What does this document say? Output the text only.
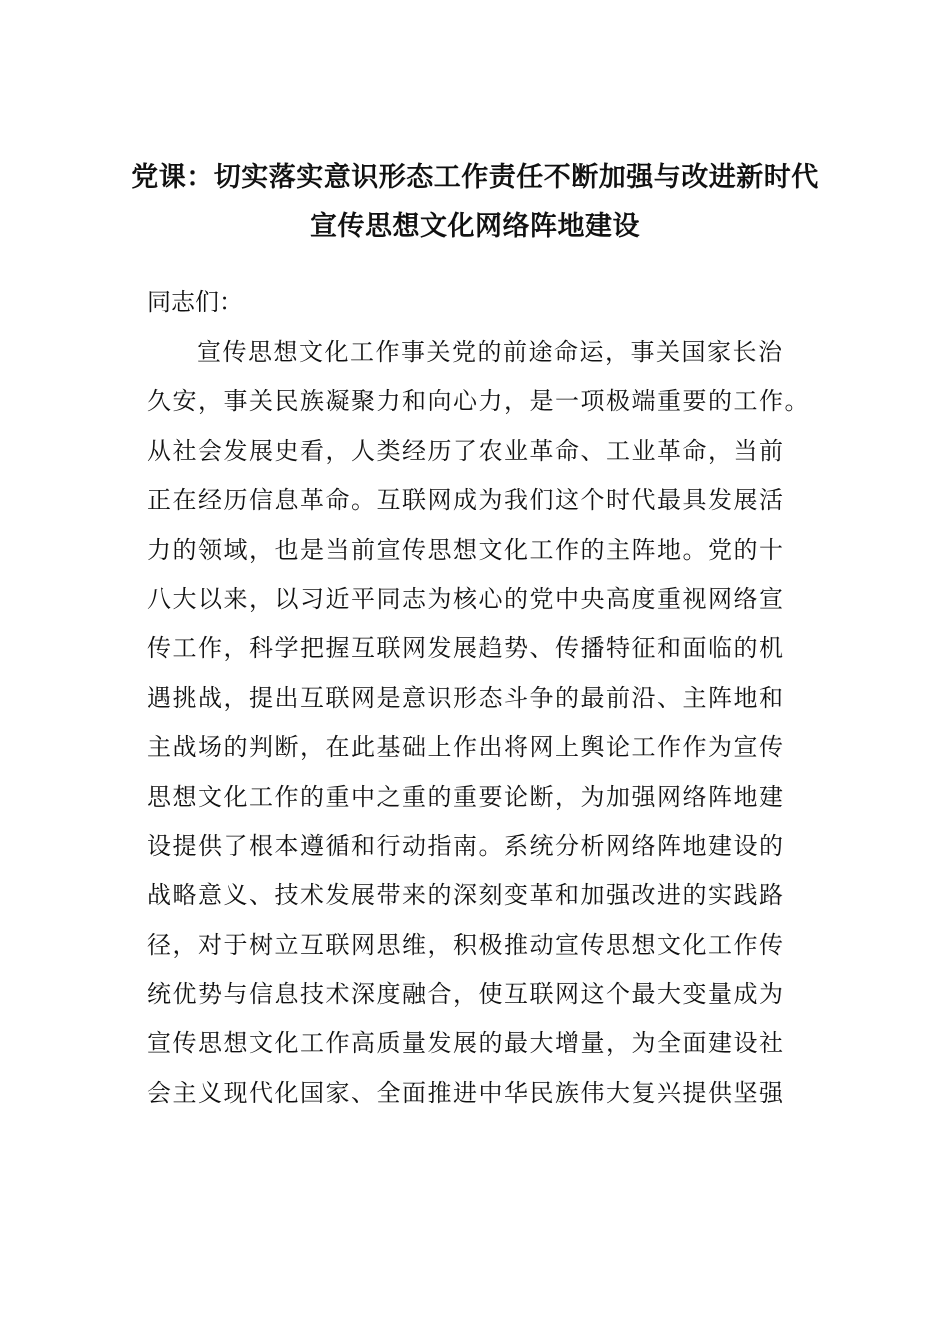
党课：切实落实意识形态工作责任不断加强与改进新时代
宣传思想文化网络阵地建设
同志们：
宣传思想文化工作事关党的前途命运，事关国家长治
久安，事关民族凝聚力和向心力，是一项极端重要的工作。
从社会发展史看，人类经历了农业革命、工业革命，当前
正在经历信息革命。互联网成为我们这个时代最具发展活
力的领域，也是当前宣传思想文化工作的主阵地。党的十
八大以来，以习近平同志为核心的党中央高度重视网络宣
传工作，科学把握互联网发展趋势、传播特征和面临的机
遇挑战，提出互联网是意识形态斗争的最前沿、主阵地和
主战场的判断，在此基础上作出将网上舆论工作作为宣传
思想文化工作的重中之重的重要论断，为加强网络阵地建
设提供了根本遵循和行动指南。系统分析网络阵地建设的
战略意义、技术发展带来的深刻变革和加强改进的实践路
径，对于树立互联网思维，积极推动宣传思想文化工作传
统优势与信息技术深度融合，使互联网这个最大变量成为
宣传思想文化工作高质量发展的最大增量，为全面建设社
会主义现代化国家、全面推进中华民族伟大复兴提供坚强
